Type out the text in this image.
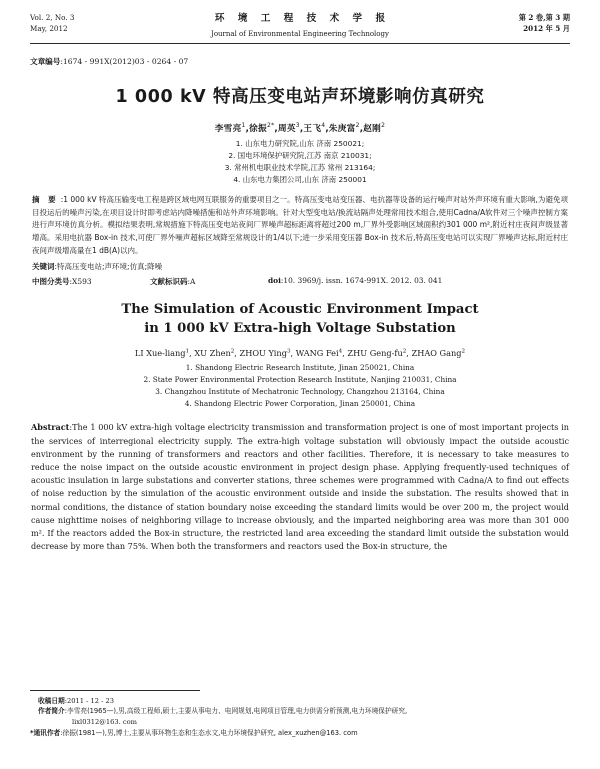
Vol. 2, No. 3
May, 2012
环 境 工 程 技 术 学 报
Journal of Environmental Engineering Technology
第 2 卷,第 3 期
2012 年 5 月
文章编号:1674 - 991X(2012)03 - 0264 - 07
1 000 kV 特高压变电站声环境影响仿真研究
李雪亮$^1$,徐振$^{2*}$,周英$^3$,王飞$^4$,朱庚富$^2$,赵刚$^2$
1. 山东电力研究院,山东 济南 250021;
2. 国电环境保护研究院,江苏 南京 210031;
3. 常州机电职业技术学院,江苏 常州 213164;
4. 山东电力集团公司,山东 济南 250001
摘 要 :1 000 kV 特高压输变电工程是跨区域电网互联服务的重要项目之一。特高压变电站变压器、电抗器等设备的运行噪声对站外声环境有重大影响,为避免项目投运后的噪声污染,在项目设计时即考虑站内降噪措施和站外声环境影响。针对大型变电站/换流站隔声处理常用技术组合,使用Cadna/A软件对三个噪声控制方案进行声环境仿真分析。模拟结果表明,常规措施下特高压变电站夜间厂界噪声超标距离将超过200 m,厂界外受影响区域面积约301 000 m²,附近村庄夜间声级显著增高。采用电抗器 Box-in 技术,可使厂界外噪声超标区域降至常规设计的1/4以下;进一步采用变压器 Box-in 技术后,特高压变电站可以实现厂界噪声达标,附近村庄夜间声级增高量在1 dB(A)以内。
关键词:特高压变电站;声环境;仿真;降噪
中图分类号:X593	文献标识码:A	doi:10. 3969/j. issn. 1674-991X. 2012. 03. 041
The Simulation of Acoustic Environment Impact
in 1 000 kV Extra-high Voltage Substation
LI Xue-liang$^1$, XU Zhen$^2$, ZHOU Ying$^3$, WANG Fei$^4$, ZHU Geng-$fu^2$, ZHAO Gang$^2$
1. Shandong Electric Research Institute, Jinan 250021, China
2. State Power Environmental Protection Research Institute, Nanjing 210031, China
3. Changzhou Institute of Mechatronic Technology, Changzhou 213164, China
4. Shandong Electric Power Corporation, Jinan 250001, China
Abstract:The 1 000 kV extra-high voltage electricity transmission and transformation project is one of most important projects in the services of interregional electricity supply. The extra-high voltage substation will obviously impact the outside acoustic environment by the running of transformers and reactors and other facilities. Therefore, it is necessary to take measures to reduce the noise impact on the outside acoustic environment in project design phase. Applying frequently-used techniques of acoustic insulation in large substations and converter stations, three schemes were programmed with Cadna/A to find out effects of noise reduction by the simulation of the acoustic environment outside and inside the substation. The results showed that in normal conditions, the distance of station boundary noise exceeding the standard limits would be over 200 m, the project would cause nighttime noises of neighboring village to increase obviously, and the imparted neighboring area was more than 301 000 m². If the reactors added the Box-in structure, the restricted land area exceeding the standard limit outside the substation would decrease by more than 75%. When both the transformers and reactors used the Box-in structure, the
收稿日期:2011 - 12 - 23
作者简介:李雪亮(1965—),男,高级工程师,硕士,主要从事电力、电网规划,电网项目管理,电力供需分析预测,电力环境保护研究,
lixl0312@163. com
*通讯作者:徐振(1981—),男,博士,主要从事环物生态和生态水文,电力环境保护研究, alex_xuzhen@163. com
